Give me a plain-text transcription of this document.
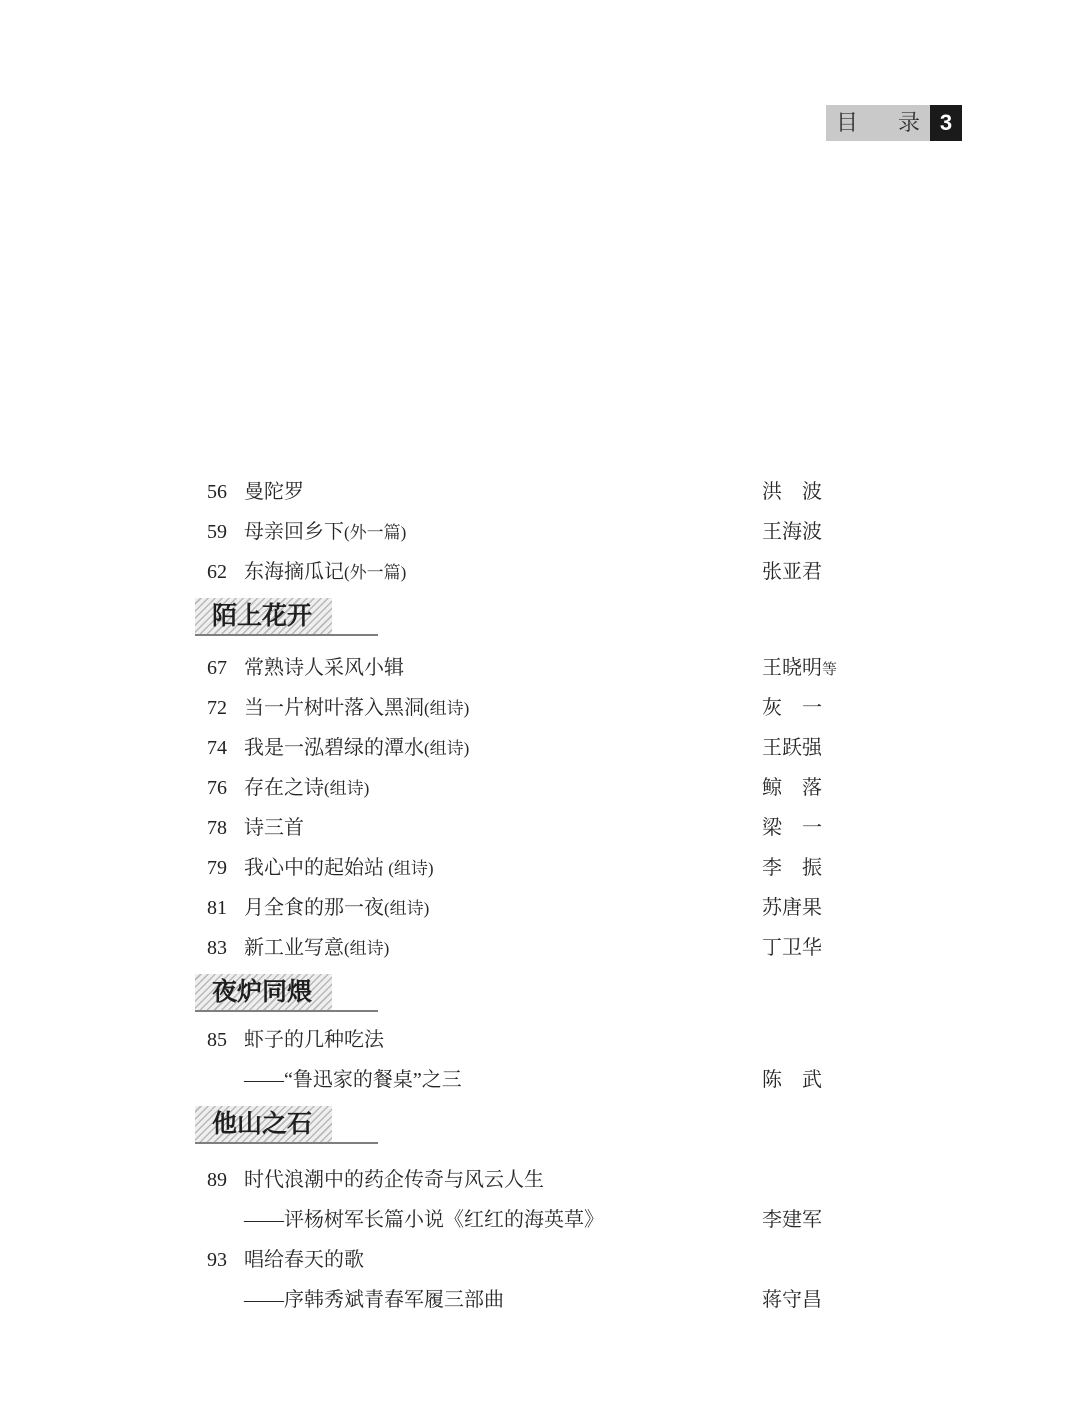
目　录 3
56 曼陀罗	洪　波
59 母亲回乡下(外一篇)	王海波
62 东海摘瓜记(外一篇)	张亚君
陌上花开
67 常熟诗人采风小辑	王晓明等
72 当一片树叶落入黑洞(组诗)	灰　一
74 我是一泓碧绿的潭水(组诗)	王跃强
76 存在之诗(组诗)	鲸　落
78 诗三首	梁　一
79 我心中的起始站 (组诗)	李　振
81 月全食的那一夜(组诗)	苏唐果
83 新工业写意(组诗)	丁卫华
夜炉同煨
85 虾子的几种吃法
——“鲁迅家的餐桌”之三	陈　武
他山之石
89 时代浪潮中的药企传奇与风云人生
——评杨树军长篇小说《红红的海英草》	李建军
93 唱给春天的歌
——序韩秀斌青春军履三部曲	蒋守昌
